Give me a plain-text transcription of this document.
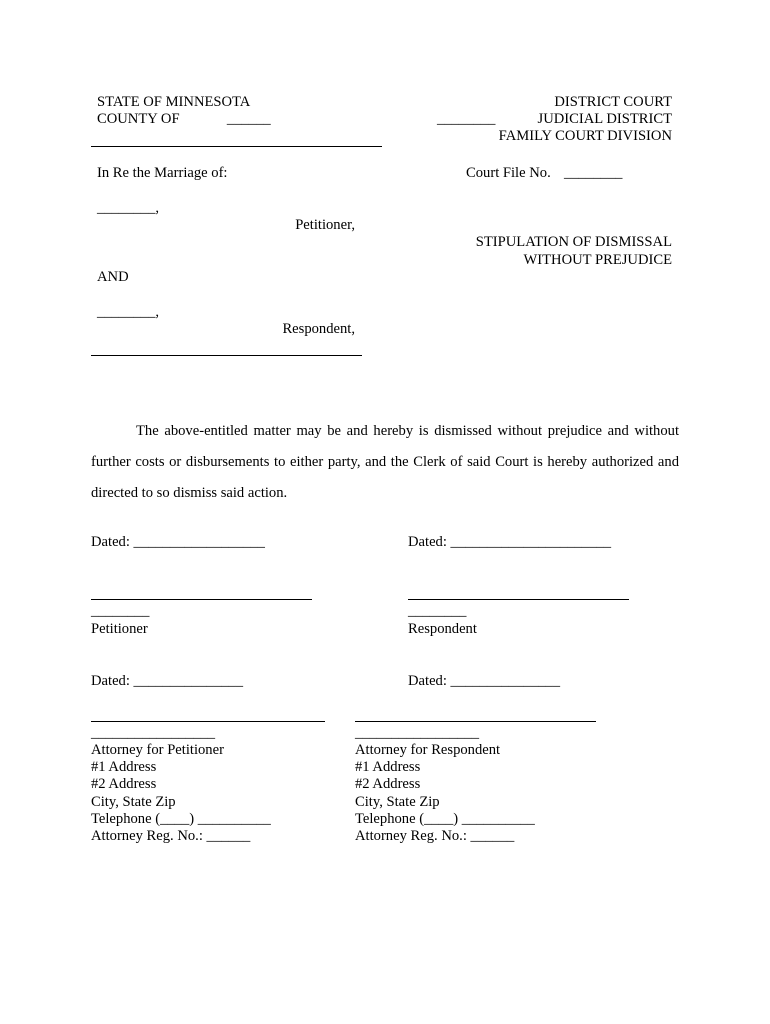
STATE OF MINNESOTA
COUNTY OF	______
DISTRICT COURT
________	JUDICIAL DISTRICT
FAMILY COURT DIVISION
In Re the Marriage of:	Court File No. ________
________,
Petitioner,
STIPULATION OF DISMISSAL
WITHOUT PREJUDICE
AND
________,
Respondent,
The above-entitled matter may be and hereby is dismissed without prejudice and without further costs or disbursements to either party, and the Clerk of said Court is hereby authorized and directed to so dismiss said action.
Dated: __________________	Dated: ______________________
________	________
Petitioner	Respondent
Dated: _______________	Dated: _______________
_________________
Attorney for Petitioner
#1 Address
#2 Address
City, State Zip
Telephone (____) __________
Attorney Reg. No.: ______
_________________
Attorney for Respondent
#1 Address
#2 Address
City, State Zip
Telephone (____) __________
Attorney Reg. No.: ______
